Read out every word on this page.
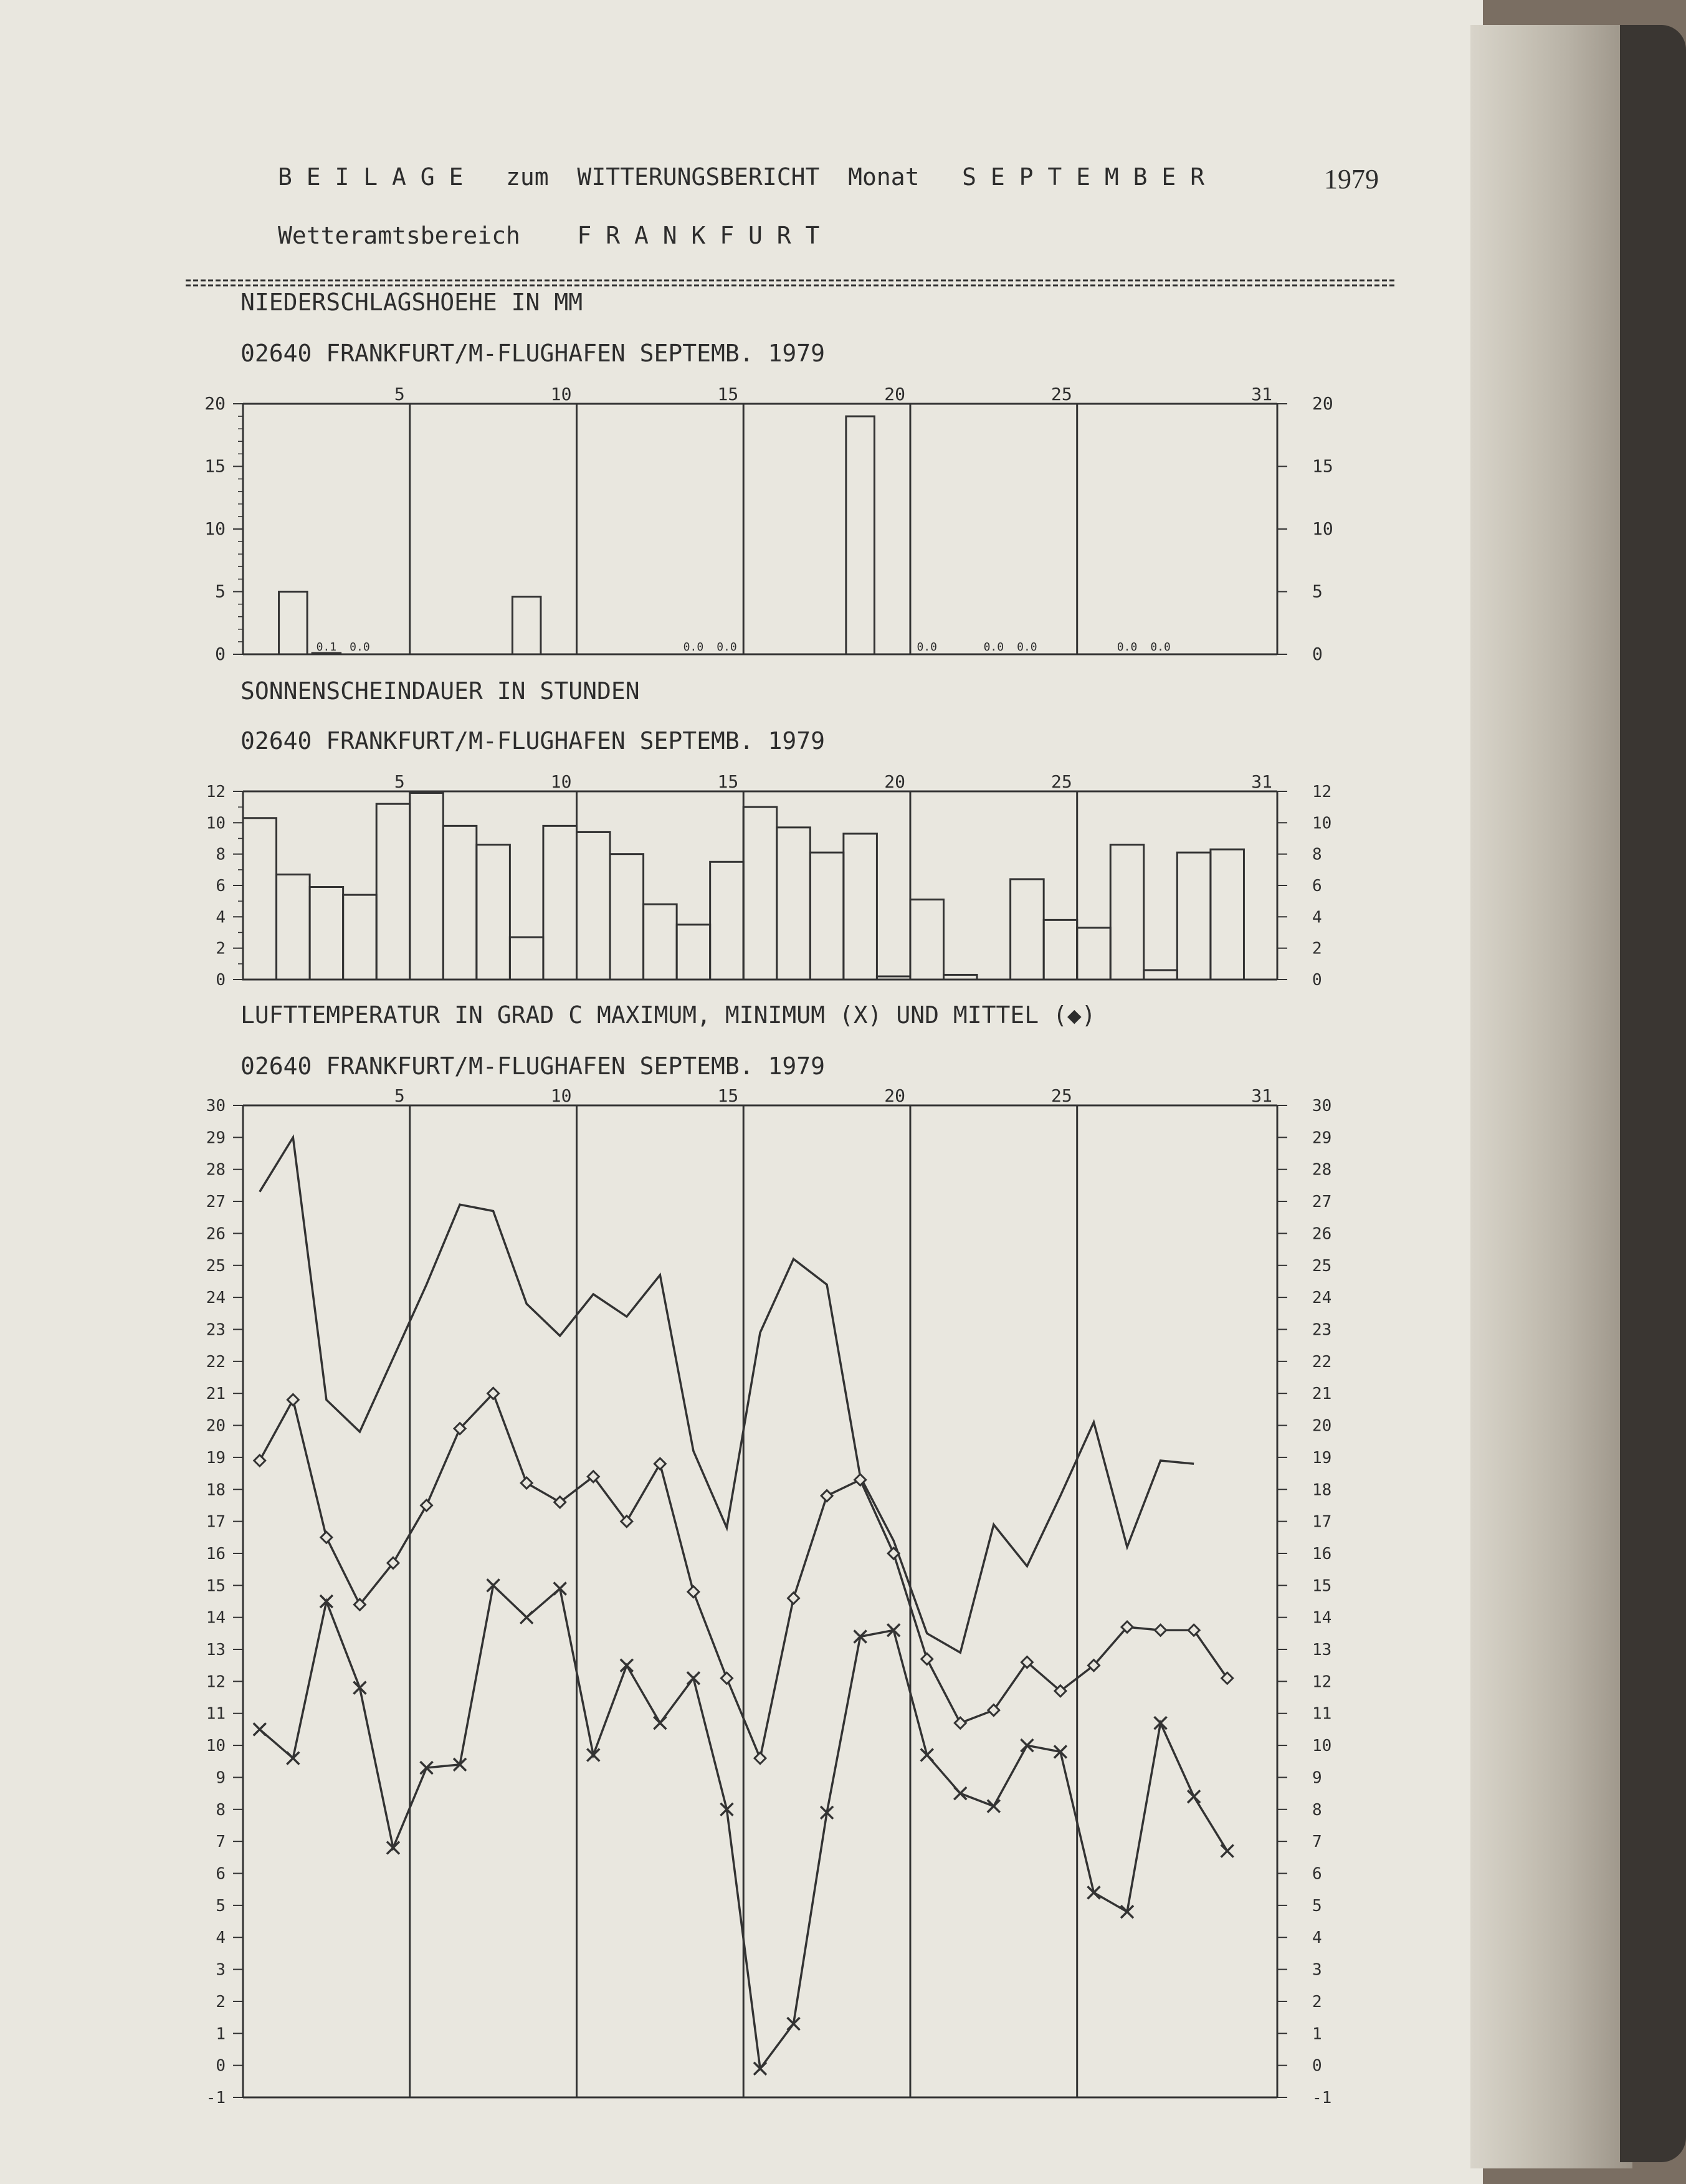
B E I L A G E   zum  WITTERUNGSBERICHT  Monat   S E P T E M B E R	1979
Wetteramtsbereich    F R A N K F U R T
NIEDERSCHLAGSHOEHE IN MM
02640 FRANKFURT/M-FLUGHAFEN SEPTEMB. 1979
5	10	15	20	25	31
0	0
5	5
10	10
15	15
20	20
0.1 0.0	0.0 0.0	0.0	0.0 0.0	0.0 0.0
SONNENSCHEINDAUER IN STUNDEN
02640 FRANKFURT/M-FLUGHAFEN SEPTEMB. 1979
5	10	15	20	25	31
0	0
2	2
4	4
6	6
8	8
10	10
12	12
LUFTTEMPERATUR IN GRAD C MAXIMUM, MINIMUM (X) UND MITTEL (◆)
02640 FRANKFURT/M-FLUGHAFEN SEPTEMB. 1979
5	10	15	20	25	31
-1	-1
0	0
1	1
2	2
3	3
4	4
5	5
6	6
7	7
8	8
9	9
10	10
11	11
12	12
13	13
14	14
15	15
16	16
17	17
18	18
19	19
20	20
21	21
22	22
23	23
24	24
25	25
26	26
27	27
28	28
29	29
30	30
